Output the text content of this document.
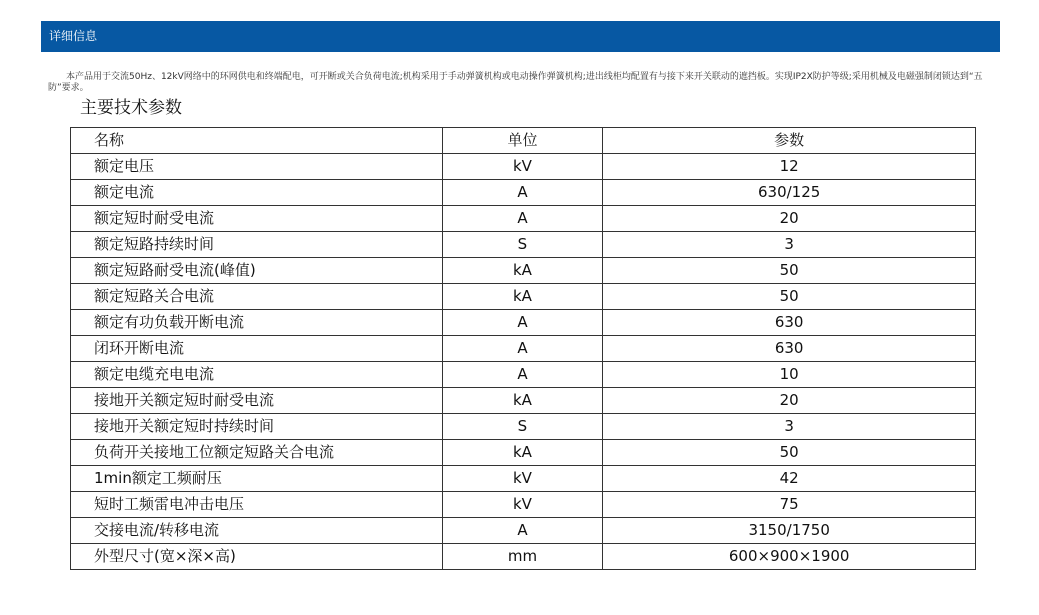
详细信息

本产品用于交流50Hz、12kV网络中的环网供电和终端配电，可开断或关合负荷电流;机构采用于手动弹簧机构或电动操作弹簧机构;进出线柜均配置有与接下来开关联动的遮挡板。实现IP2X防护等级;采用机械及电磁强制闭锁达到“五防”要求。

主要技术参数
名称	单位	参数
额定电压	kV	12
额定电流	A	630/125
额定短时耐受电流	A	20
额定短路持续时间	S	3
额定短路耐受电流(峰值)	kA	50
额定短路关合电流	kA	50
额定有功负载开断电流	A	630
闭环开断电流	A	630
额定电缆充电电流	A	10
接地开关额定短时耐受电流	kA	20
接地开关额定短时持续时间	S	3
负荷开关接地工位额定短路关合电流	kA	50
1min额定工频耐压	kV	42
短时工频雷电冲击电压	kV	75
交接电流/转移电流	A	3150/1750
外型尺寸(宽×深×高)	mm	600×900×1900
